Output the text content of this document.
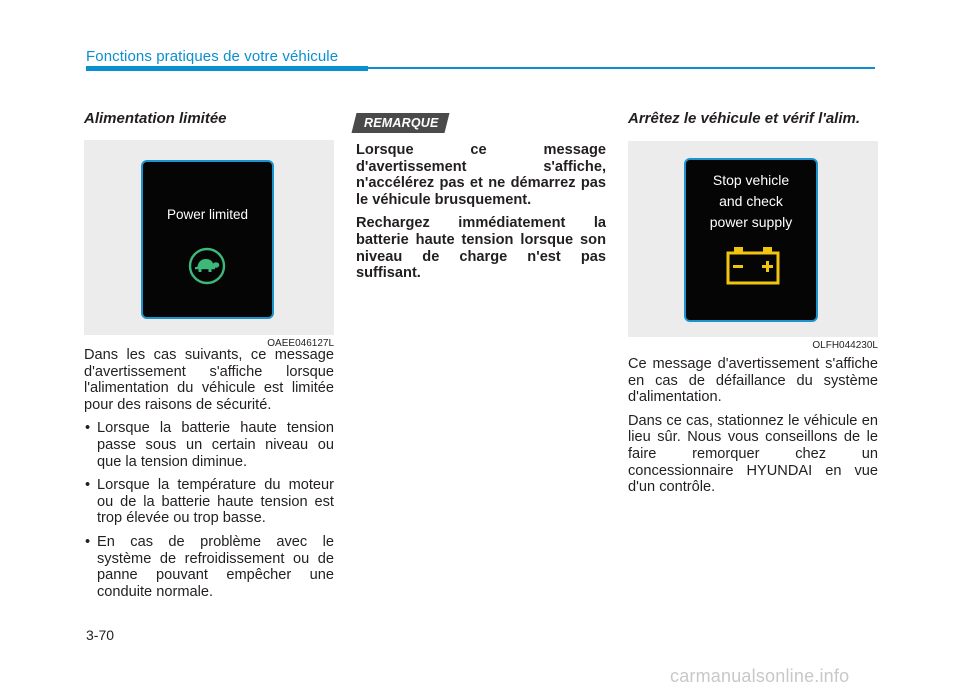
Fonctions pratiques de votre véhicule
Alimentation limitée
Power limited
OAEE046127L
Dans les cas suivants, ce message d'avertissement s'affiche lorsque l'alimentation du véhicule est limitée pour des raisons de sécurité.
• Lorsque la batterie haute tension passe sous un certain niveau ou que la tension diminue.
• Lorsque la température du moteur ou de la batterie haute tension est trop élevée ou trop basse.
• En cas de problème avec le système de refroidissement ou de panne pouvant empêcher une conduite normale.
REMARQUE
Lorsque ce message d'avertissement s'affiche, n'accélérez pas et ne démarrez pas le véhicule brusquement.
Rechargez immédiatement la batterie haute tension lorsque son niveau de charge n'est pas suffisant.
Arrêtez le véhicule et vérif l'alim.
Stop vehicle
and check
power supply
OLFH044230L
Ce message d'avertissement s'affiche en cas de défaillance du système d'alimentation.
Dans ce cas, stationnez le véhicule en lieu sûr. Nous vous conseillons de le faire remorquer chez un concessionnaire HYUNDAI en vue d'un contrôle.
3-70
carmanualsonline.info
